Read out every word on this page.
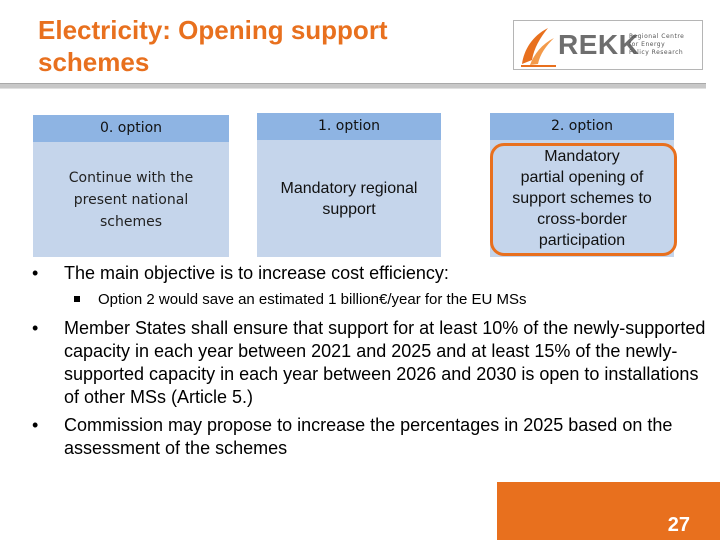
Electricity: Opening support
schemes
REKK
Regional Centre
for Energy
Policy Research
0. option
Continue with the
present national
schemes
1. option
Mandatory regional
support
2. option
Mandatory
partial opening of
support schemes to
cross-border
participation
• The main objective is to increase cost efficiency:
Option 2 would save an estimated 1 billion€/year for the EU MSs
• Member States shall ensure that support for at least 10% of the newly-supported capacity in each year between 2021 and 2025 and at least 15% of the newly-supported capacity in each year between 2026 and 2030 is open to installations of other MSs (Article 5.)
• Commission may propose to increase the percentages in 2025 based on the assessment of the schemes
27
